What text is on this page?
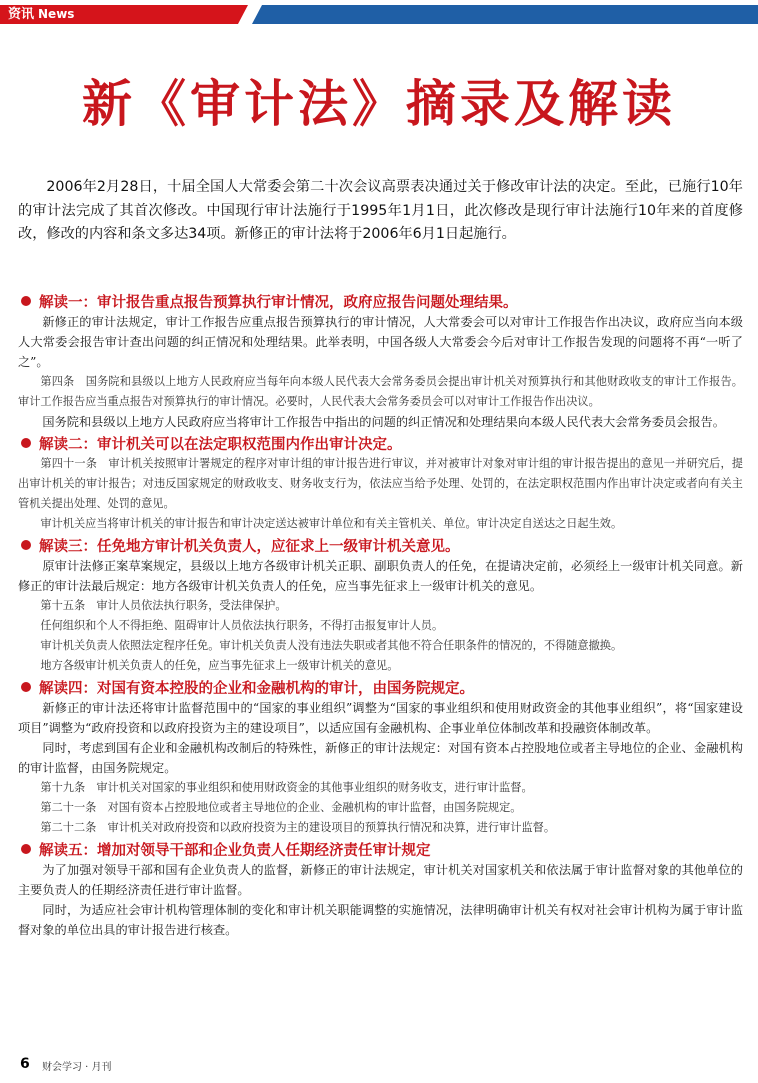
资讯 News
新《审计法》摘录及解读

2006年2月28日，十届全国人大常委会第二十次会议高票表决通过关于修改审计法的决定。至此，已施行10年的审计法完成了其首次修改。中国现行审计法施行于1995年1月1日，此次修改是现行审计法施行10年来的首度修改，修改的内容和条文多达34项。新修正的审计法将于2006年6月1日起施行。

解读一：审计报告重点报告预算执行审计情况，政府应报告问题处理结果。

新修正的审计法规定，审计工作报告应重点报告预算执行的审计情况，人大常委会可以对审计工作报告作出决议，政府应当向本级人大常委会报告审计查出问题的纠正情况和处理结果。此举表明，中国各级人大常委会今后对审计工作报告发现的问题将不再“一听了之”。

第四条　国务院和县级以上地方人民政府应当每年向本级人民代表大会常务委员会提出审计机关对预算执行和其他财政收支的审计工作报告。审计工作报告应当重点报告对预算执行的审计情况。必要时，人民代表大会常务委员会可以对审计工作报告作出决议。

国务院和县级以上地方人民政府应当将审计工作报告中指出的问题的纠正情况和处理结果向本级人民代表大会常务委员会报告。

解读二：审计机关可以在法定职权范围内作出审计决定。

第四十一条　审计机关按照审计署规定的程序对审计组的审计报告进行审议，并对被审计对象对审计组的审计报告提出的意见一并研究后，提出审计机关的审计报告；对违反国家规定的财政收支、财务收支行为，依法应当给予处理、处罚的，在法定职权范围内作出审计决定或者向有关主管机关提出处理、处罚的意见。

审计机关应当将审计机关的审计报告和审计决定送达被审计单位和有关主管机关、单位。审计决定自送达之日起生效。

解读三：任免地方审计机关负责人，应征求上一级审计机关意见。

原审计法修正案草案规定，县级以上地方各级审计机关正职、副职负责人的任免，在提请决定前，必须经上一级审计机关同意。新修正的审计法最后规定：地方各级审计机关负责人的任免，应当事先征求上一级审计机关的意见。

第十五条　审计人员依法执行职务，受法律保护。

任何组织和个人不得拒绝、阻碍审计人员依法执行职务，不得打击报复审计人员。

审计机关负责人依照法定程序任免。审计机关负责人没有违法失职或者其他不符合任职条件的情况的，不得随意撤换。

地方各级审计机关负责人的任免，应当事先征求上一级审计机关的意见。

解读四：对国有资本控股的企业和金融机构的审计，由国务院规定。

新修正的审计法还将审计监督范围中的“国家的事业组织”调整为“国家的事业组织和使用财政资金的其他事业组织”，将“国家建设项目”调整为“政府投资和以政府投资为主的建设项目”，以适应国有金融机构、企事业单位体制改革和投融资体制改革。

同时，考虑到国有企业和金融机构改制后的特殊性，新修正的审计法规定：对国有资本占控股地位或者主导地位的企业、金融机构的审计监督，由国务院规定。

第十九条　审计机关对国家的事业组织和使用财政资金的其他事业组织的财务收支，进行审计监督。

第二十一条　对国有资本占控股地位或者主导地位的企业、金融机构的审计监督，由国务院规定。

第二十二条　审计机关对政府投资和以政府投资为主的建设项目的预算执行情况和决算，进行审计监督。

解读五：增加对领导干部和企业负责人任期经济责任审计规定

为了加强对领导干部和国有企业负责人的监督，新修正的审计法规定，审计机关对国家机关和依法属于审计监督对象的其他单位的主要负责人的任期经济责任进行审计监督。

同时，为适应社会审计机构管理体制的变化和审计机关职能调整的实施情况，法律明确审计机关有权对社会审计机构为属于审计监督对象的单位出具的审计报告进行核查。

6 财会学习 · 月刊
